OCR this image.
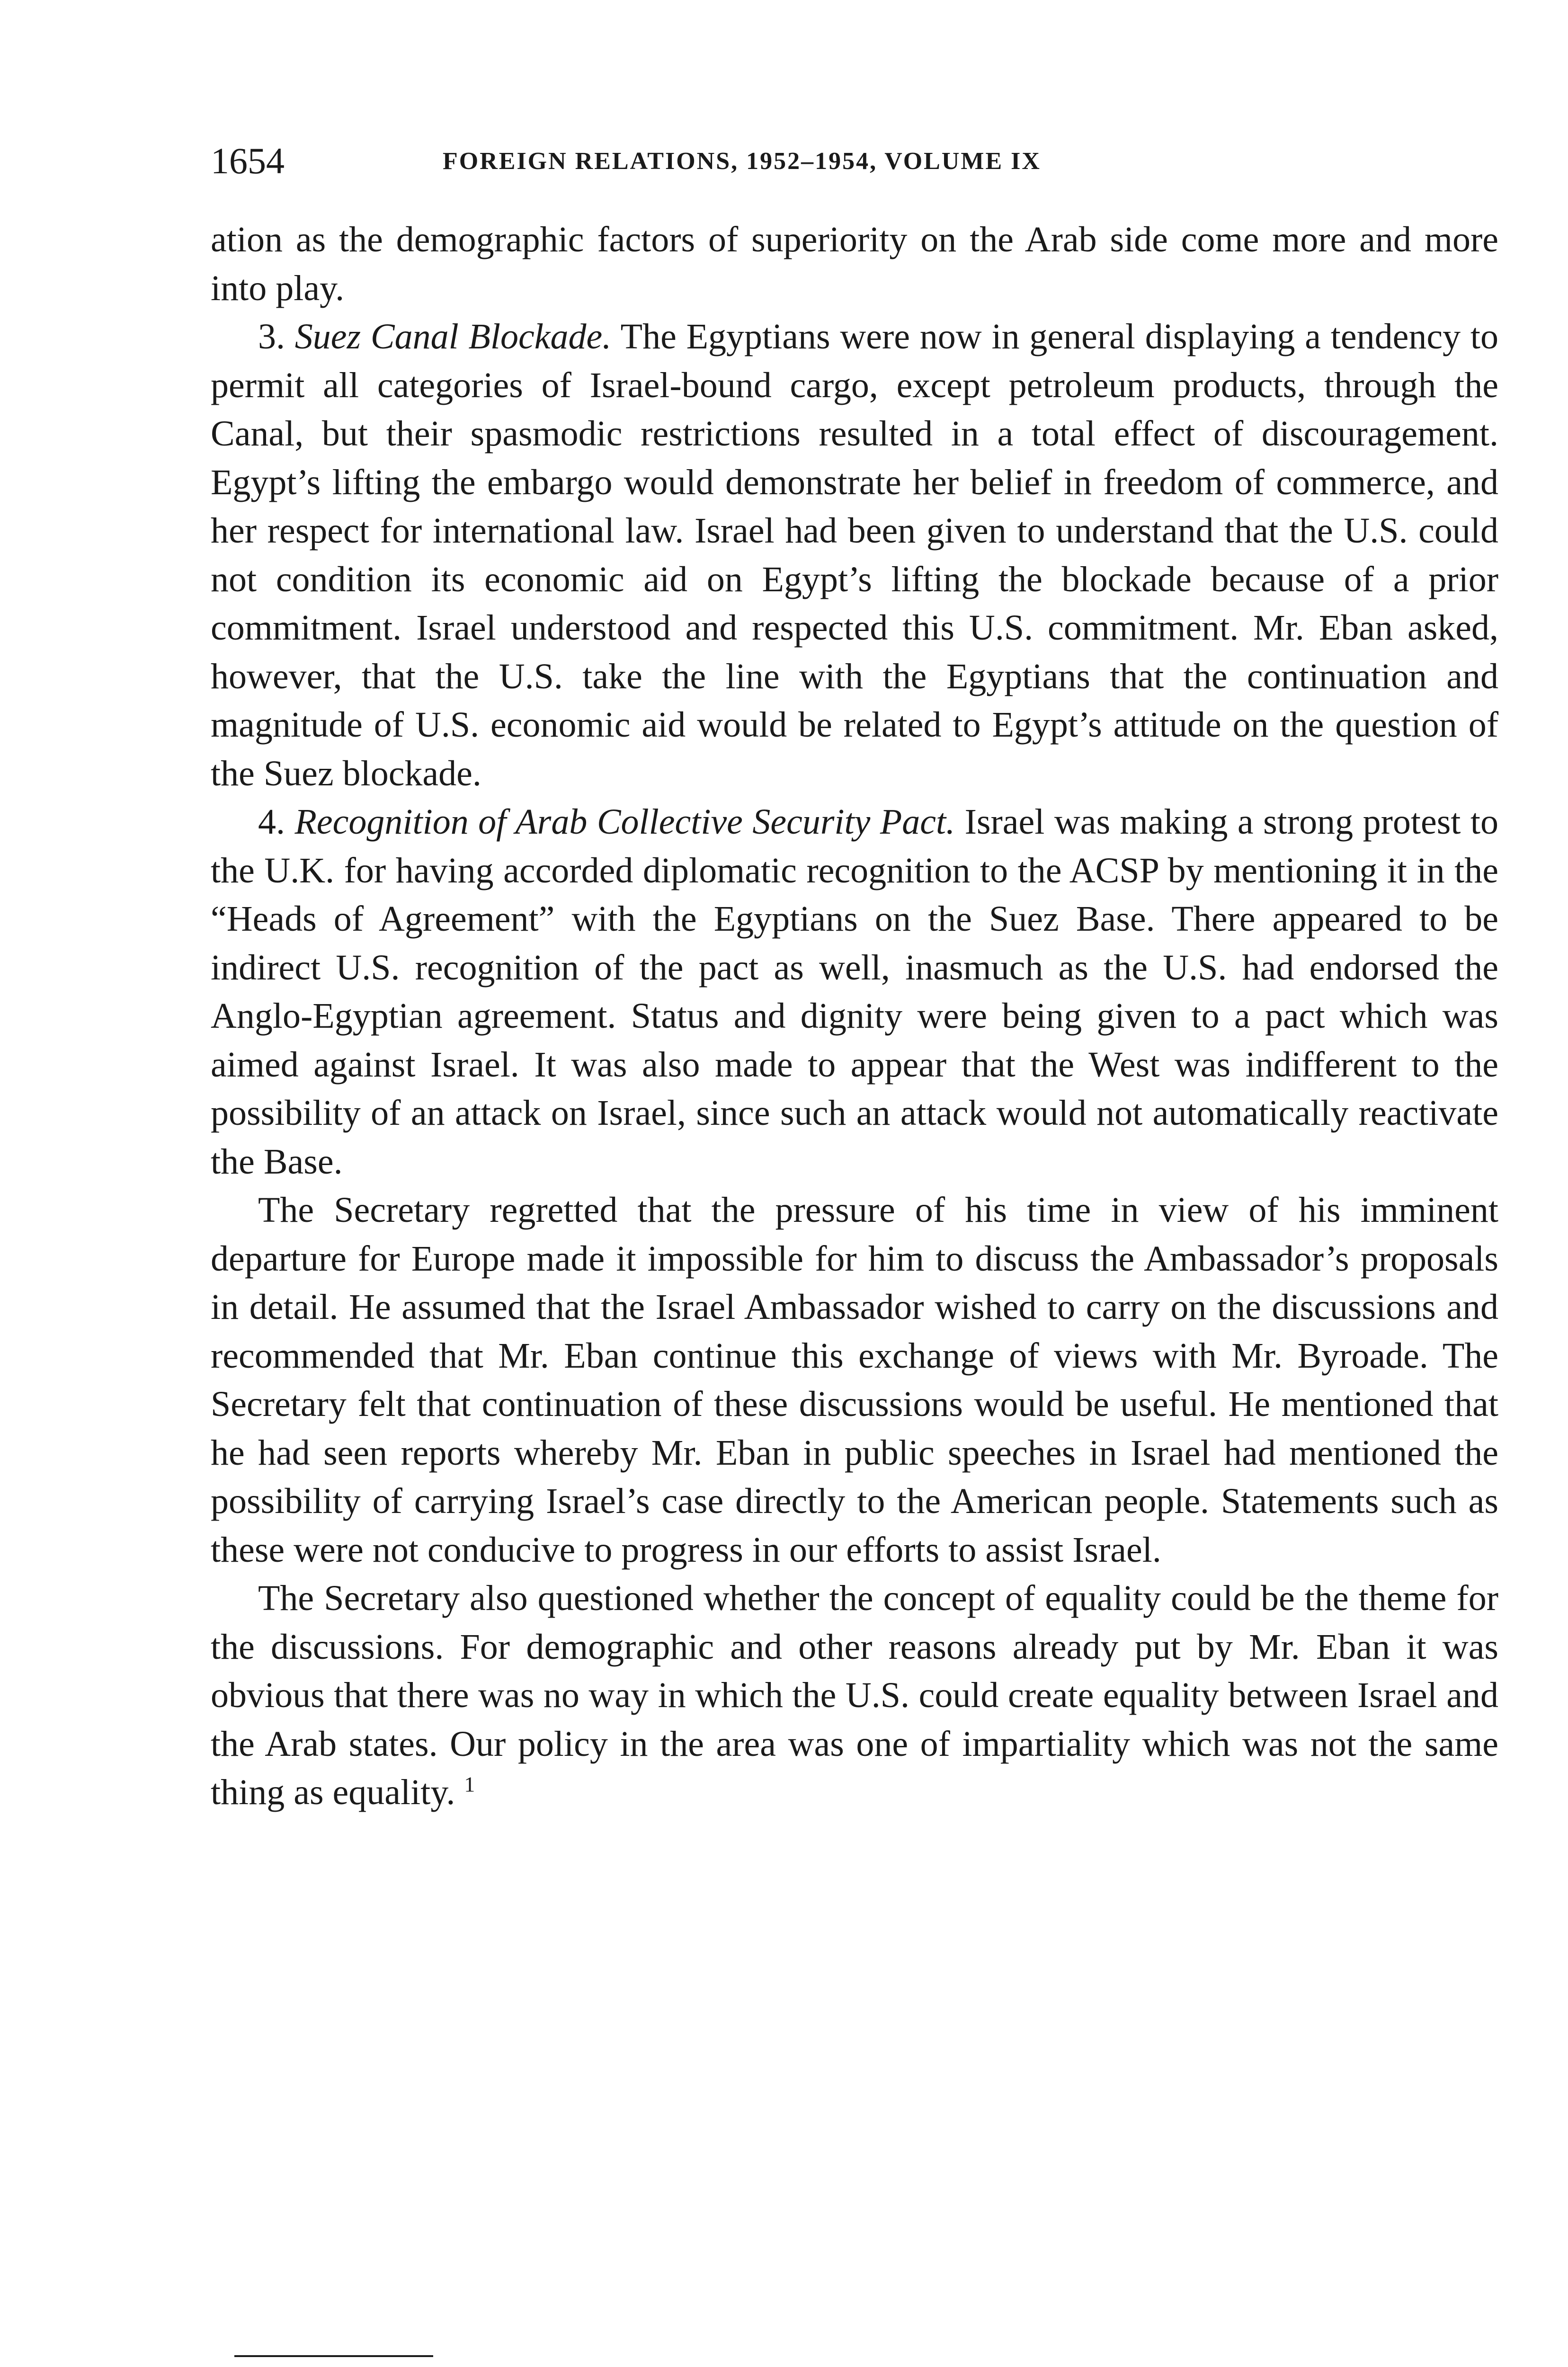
1654	FOREIGN RELATIONS, 1952–1954, VOLUME IX

ation as the demographic factors of superiority on the Arab side come more and more into play.

3. Suez Canal Blockade. The Egyptians were now in general displaying a tendency to permit all categories of Israel-bound cargo, except petroleum products, through the Canal, but their spasmodic restrictions resulted in a total effect of discouragement. Egypt’s lifting the embargo would demonstrate her belief in freedom of commerce, and her respect for international law. Israel had been given to understand that the U.S. could not condition its economic aid on Egypt’s lifting the blockade because of a prior commitment. Israel understood and respected this U.S. commitment. Mr. Eban asked, however, that the U.S. take the line with the Egyptians that the continuation and magnitude of U.S. economic aid would be related to Egypt’s attitude on the question of the Suez blockade.

4. Recognition of Arab Collective Security Pact. Israel was making a strong protest to the U.K. for having accorded diplomatic recognition to the ACSP by mentioning it in the “Heads of Agreement” with the Egyptians on the Suez Base. There appeared to be indirect U.S. recognition of the pact as well, inasmuch as the U.S. had endorsed the Anglo-Egyptian agreement. Status and dignity were being given to a pact which was aimed against Israel. It was also made to appear that the West was indifferent to the possibility of an attack on Israel, since such an attack would not automatically reactivate the Base.

The Secretary regretted that the pressure of his time in view of his imminent departure for Europe made it impossible for him to discuss the Ambassador’s proposals in detail. He assumed that the Israel Ambassador wished to carry on the discussions and recommended that Mr. Eban continue this exchange of views with Mr. Byroade. The Secretary felt that continuation of these discussions would be useful. He mentioned that he had seen reports whereby Mr. Eban in public speeches in Israel had mentioned the possibility of carrying Israel’s case directly to the American people. Statements such as these were not conducive to progress in our efforts to assist Israel.

The Secretary also questioned whether the concept of equality could be the theme for the discussions. For demographic and other reasons already put by Mr. Eban it was obvious that there was no way in which the U.S. could create equality between Israel and the Arab states. Our policy in the area was one of impartiality which was not the same thing as equality. $^1$
